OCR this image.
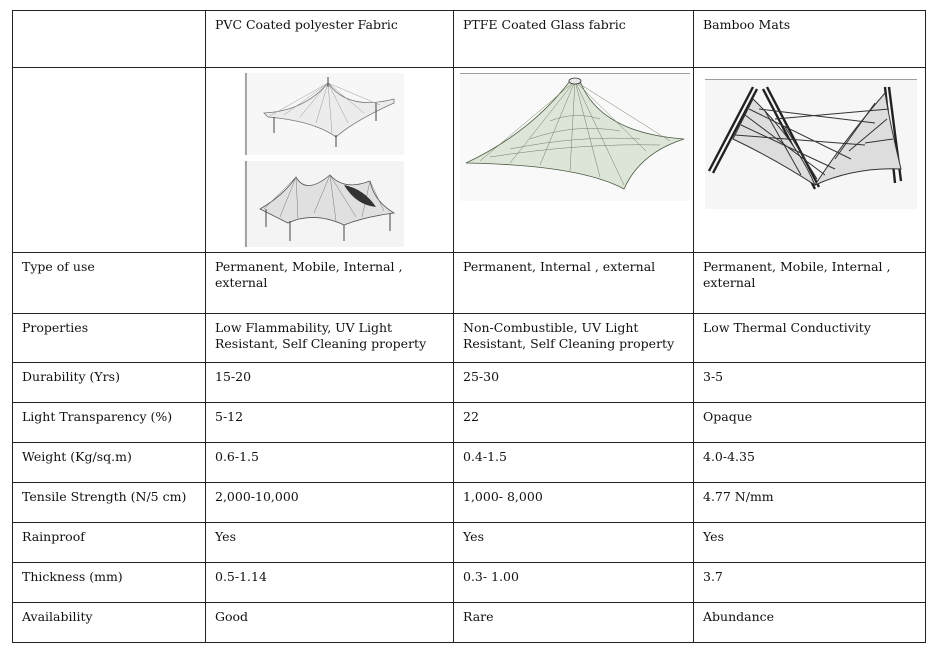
	PVC Coated polyester Fabric	PTFE Coated Glass fabric	Bamboo Mats

Type of use	Permanent, Mobile, Internal , external	Permanent, Internal , external	Permanent, Mobile, Internal , external
Properties	Low Flammability, UV Light Resistant, Self Cleaning property	Non-Combustible, UV Light Resistant, Self Cleaning property	Low Thermal Conductivity
Durability (Yrs)	15-20	25-30	3-5
Light Transparency (%)	5-12	22	Opaque
Weight (Kg/sq.m)	0.6-1.5	0.4-1.5	4.0-4.35
Tensile Strength (N/5 cm)	2,000-10,000	1,000- 8,000	4.77 N/mm
Rainproof	Yes	Yes	Yes
Thickness (mm)	0.5-1.14	0.3- 1.00	3.7
Availability	Good	Rare	Abundance
